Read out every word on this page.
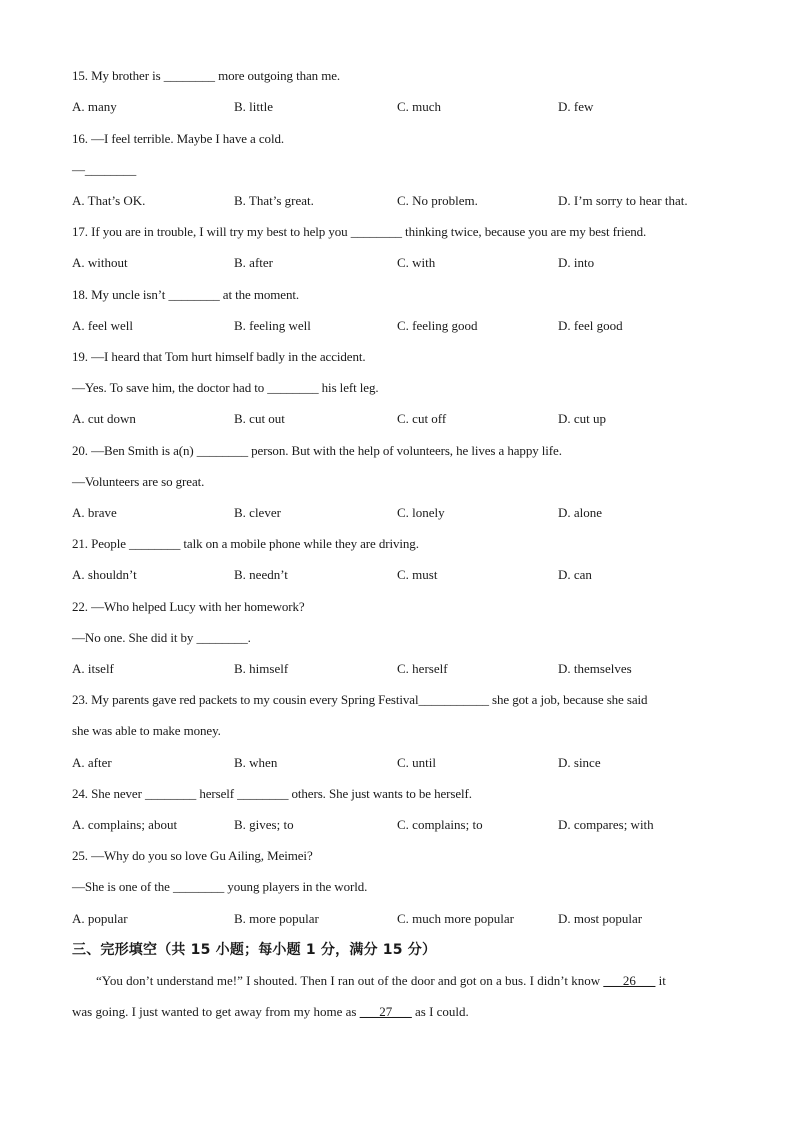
15. My brother is ________ more outgoing than me.
A. many	B. little	C. much	D. few
16. —I feel terrible. Maybe I have a cold.
—________
A. That’s OK.	B. That’s great.	C. No problem.	D. I’m sorry to hear that.
17. If you are in trouble, I will try my best to help you ________ thinking twice, because you are my best friend.
A. without	B. after	C. with	D. into
18. My uncle isn’t ________ at the moment.
A. feel well	B. feeling well	C. feeling good	D. feel good
19. —I heard that Tom hurt himself badly in the accident.
—Yes. To save him, the doctor had to ________ his left leg.
A. cut down	B. cut out	C. cut off	D. cut up
20. —Ben Smith is a(n) ________ person. But with the help of volunteers, he lives a happy life.
—Volunteers are so great.
A. brave	B. clever	C. lonely	D. alone
21. People ________ talk on a mobile phone while they are driving.
A. shouldn’t	B. needn’t	C. must	D. can
22. —Who helped Lucy with her homework?
—No one. She did it by ________.
A. itself	B. himself	C. herself	D. themselves
23. My parents gave red packets to my cousin every Spring Festival___________ she got a job, because she said
she was able to make money.
A. after	B. when	C. until	D. since
24. She never ________ herself ________ others. She just wants to be herself.
A. complains; about	B. gives; to	C. complains; to	D. compares; with
25. —Why do you so love Gu Ailing, Meimei?
—She is one of the ________ young players in the world.
A. popular	B. more popular	C. much more popular	D. most popular
三、完形填空（共 15 小题；每小题 1 分，满分 15 分）
“You don’t understand me!” I shouted. Then I ran out of the door and got on a bus. I didn’t know ___26___ it
was going. I just wanted to get away from my home as ___27___ as I could.
